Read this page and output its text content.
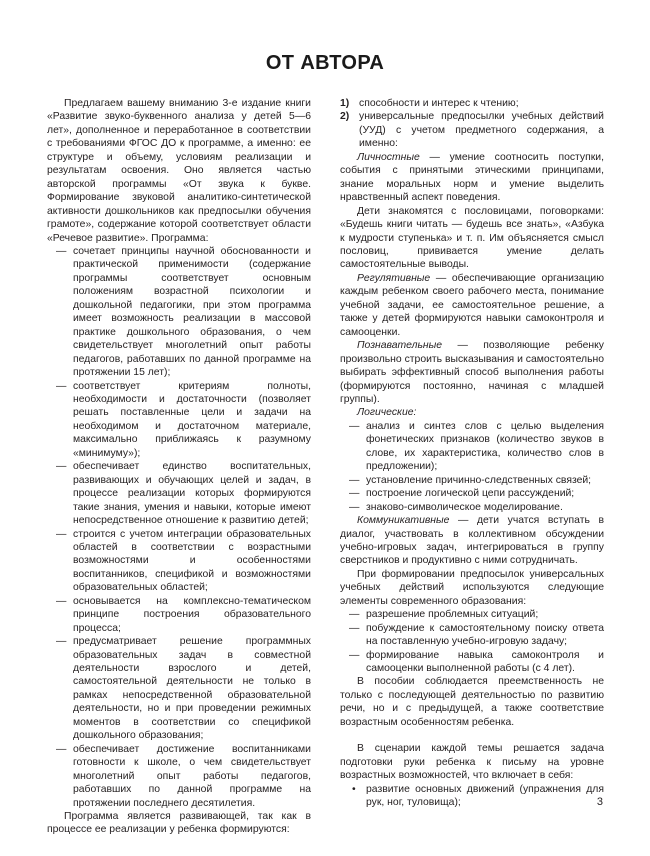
ОТ АВТОРА

Предлагаем вашему вниманию 3-е издание книги «Развитие звуко-буквенного анализа у детей 5—6 лет», дополненное и переработанное в соответствии с требованиями ФГОС ДО к программе, а именно: ее структуре и объему, условиям реализации и результатам освоения. Оно является частью авторской программы «От звука к букве. Формирование звуковой аналитико-синтетической активности дошкольников как предпосылки обучения грамоте», содержание которой соответствует области «Речевое развитие». Программа:

— сочетает принципы научной обоснованности и практической применимости (содержание программы соответствует основным положениям возрастной психологии и дошкольной педагогики, при этом программа имеет возможность реализации в массовой практике дошкольного образования, о чем свидетельствует многолетний опыт работы педагогов, работавших по данной программе на протяжении 15 лет);
— соответствует критериям полноты, необходимости и достаточности (позволяет решать поставленные цели и задачи на необходимом и достаточном материале, максимально приближаясь к разумному «минимуму»);
— обеспечивает единство воспитательных, развивающих и обучающих целей и задач, в процессе реализации которых формируются такие знания, умения и навыки, которые имеют непосредственное отношение к развитию детей;
— строится с учетом интеграции образовательных областей в соответствии с возрастными возможностями и особенностями воспитанников, спецификой и возможностями образовательных областей;
— основывается на комплексно-тематическом принципе построения образовательного процесса;
— предусматривает решение программных образовательных задач в совместной деятельности взрослого и детей, самостоятельной деятельности не только в рамках непосредственной образовательной деятельности, но и при проведении режимных моментов в соответствии со спецификой дошкольного образования;
— обеспечивает достижение воспитанниками готовности к школе, о чем свидетельствует многолетний опыт работы педагогов, работавших по данной программе на протяжении последнего десятилетия.

Программа является развивающей, так как в процессе ее реализации у ребенка формируются:

1) способности и интерес к чтению;
2) универсальные предпосылки учебных действий (УУД) с учетом предметного содержания, а именно:

Личностные — умение соотносить поступки, события с принятыми этическими принципами, знание моральных норм и умение выделить нравственный аспект поведения.

Дети знакомятся с пословицами, поговорками: «Будешь книги читать — будешь все знать», «Азбука к мудрости ступенька» и т. п. Им объясняется смысл пословиц, прививается умение делать самостоятельные выводы.

Регулятивные — обеспечивающие организацию каждым ребенком своего рабочего места, понимание учебной задачи, ее самостоятельное решение, а также у детей формируются навыки самоконтроля и самооценки.

Познавательные — позволяющие ребенку произвольно строить высказывания и самостоятельно выбирать эффективный способ выполнения работы (формируются постоянно, начиная с младшей группы).

Логические:

— анализ и синтез слов с целью выделения фонетических признаков (количество звуков в слове, их характеристика, количество слов в предложении);
— установление причинно-следственных связей;
— построение логической цепи рассуждений;
— знаково-символическое моделирование.

Коммуникативные — дети учатся вступать в диалог, участвовать в коллективном обсуждении учебно-игровых задач, интегрироваться в группу сверстников и продуктивно с ними сотрудничать.

При формировании предпосылок универсальных учебных действий используются следующие элементы современного образования:

— разрешение проблемных ситуаций;
— побуждение к самостоятельному поиску ответа на поставленную учебно-игровую задачу;
— формирование навыка самоконтроля и самооценки выполненной работы (с 4 лет).

В пособии соблюдается преемственность не только с последующей деятельностью по развитию речи, но и с предыдущей, а также соответствие возрастным особенностям ребенка.

В сценарии каждой темы решается задача подготовки руки ребенка к письму на уровне возрастных возможностей, что включает в себя:

• развитие основных движений (упражнения для рук, ног, туловища);	3
